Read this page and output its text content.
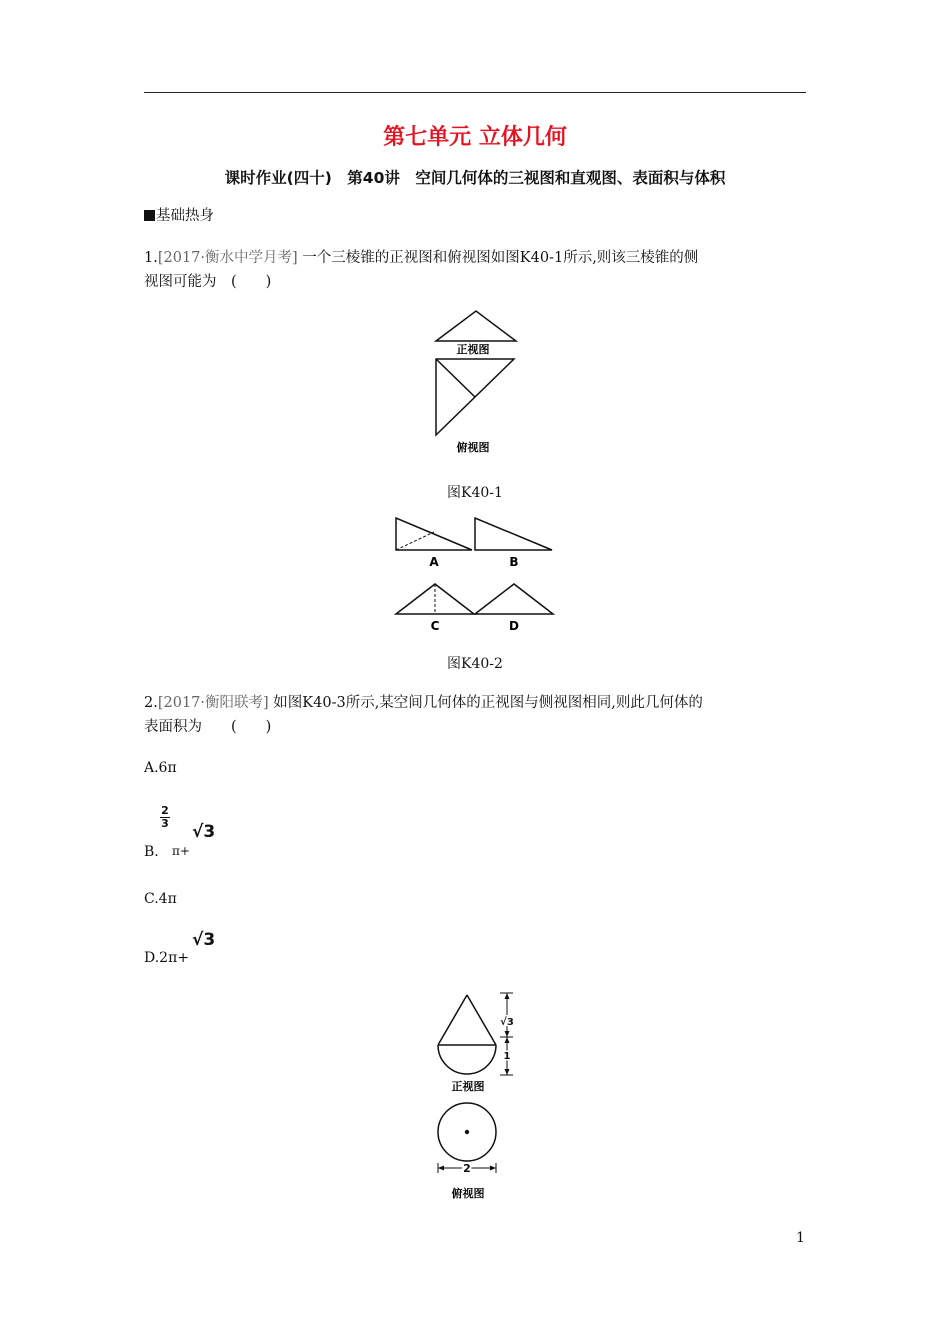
第七单元 立体几何
课时作业(四十)　第40讲　空间几何体的三视图和直观图、表面积与体积
基础热身
1.[2017·衡水中学月考] 一个三棱锥的正视图和俯视图如图K40-1所示,则该三棱锥的侧
视图可能为　(　　)
正视图
俯视图
图K40-1
A	B
C	D
图K40-2
2.[2017·衡阳联考] 如图K40-3所示,某空间几何体的正视图与侧视图相同,则此几何体的
表面积为　　(　　)
A.6π
2
3 √3
B. π+
C.4π
√3
D.2π+
√3
1
正视图
2
俯视图
1
